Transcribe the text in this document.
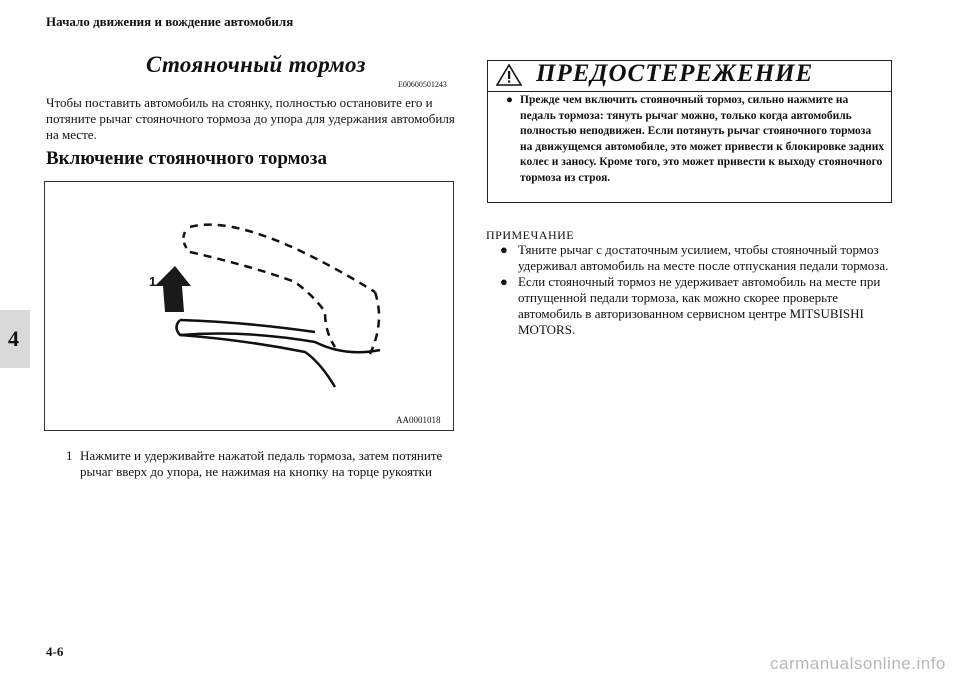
Начало движения и вождение автомобиля
4
Стояночный тормоз
E00600501243
Чтобы поставить автомобиль на стоянку, полностью остановите его и потяните рычаг стояночного тормоза до упора для удержания автомобиля на месте.
Включение стояночного тормоза
1
AA0001018
1 Нажмите и удерживайте нажатой педаль тормоза, затем потяните рычаг вверх до упора, не нажимая на кнопку на торце рукоятки
ПРЕДОСТЕРЕЖЕНИЕ
● Прежде чем включить стояночный тормоз, сильно нажмите на педаль тормоза: тянуть рычаг можно, только когда автомобиль полностью неподвижен. Если потянуть рычаг стояночного тормоза на движущемся автомобиле, это может привести к блокировке задних колес и заносу. Кроме того, это может привести к выходу стояночного тормоза из строя.
ПРИМЕЧАНИЕ
● Тяните рычаг с достаточным усилием, чтобы стояночный тормоз удерживал автомобиль на месте после отпускания педали тормоза.
● Если стояночный тормоз не удерживает автомобиль на месте при отпущенной педали тормоза, как можно скорее проверьте автомобиль в авторизованном сервисном центре MITSUBISHI MOTORS.
4-6
carmanualsonline.info
